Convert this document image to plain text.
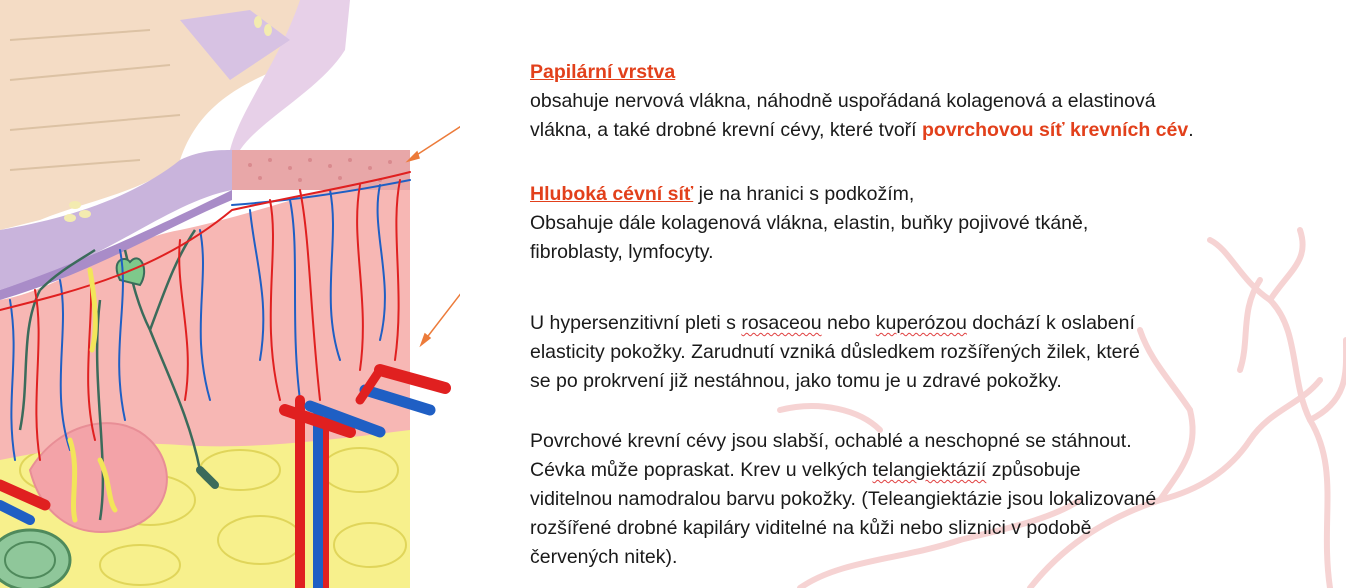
Papilární vrstva
obsahuje nervová vlákna, náhodně uspořádaná kolagenová a elastinová
vlákna, a také drobné krevní cévy, které tvoří povrchovou síť krevních cév.
Hluboká cévní síť je na hranici s podkožím,
Obsahuje dále kolagenová vlákna, elastin, buňky pojivové tkáně,
fibroblasty, lymfocyty.
U hypersenzitivní pleti s rosaceou nebo kuperózou dochází k oslabení
elasticity pokožky. Zarudnutí vzniká důsledkem rozšířených žilek, které
se po prokrvení již nestáhnou, jako tomu je u zdravé pokožky.
Povrchové krevní cévy jsou slabší, ochablé a neschopné se stáhnout.
Cévka může popraskat. Krev u velkých telangiektázií způsobuje
viditelnou namodralou barvu pokožky. (Teleangiektázie jsou lokalizované
rozšířené drobné kapiláry viditelné na kůži nebo sliznici v podobě
červených nitek).
